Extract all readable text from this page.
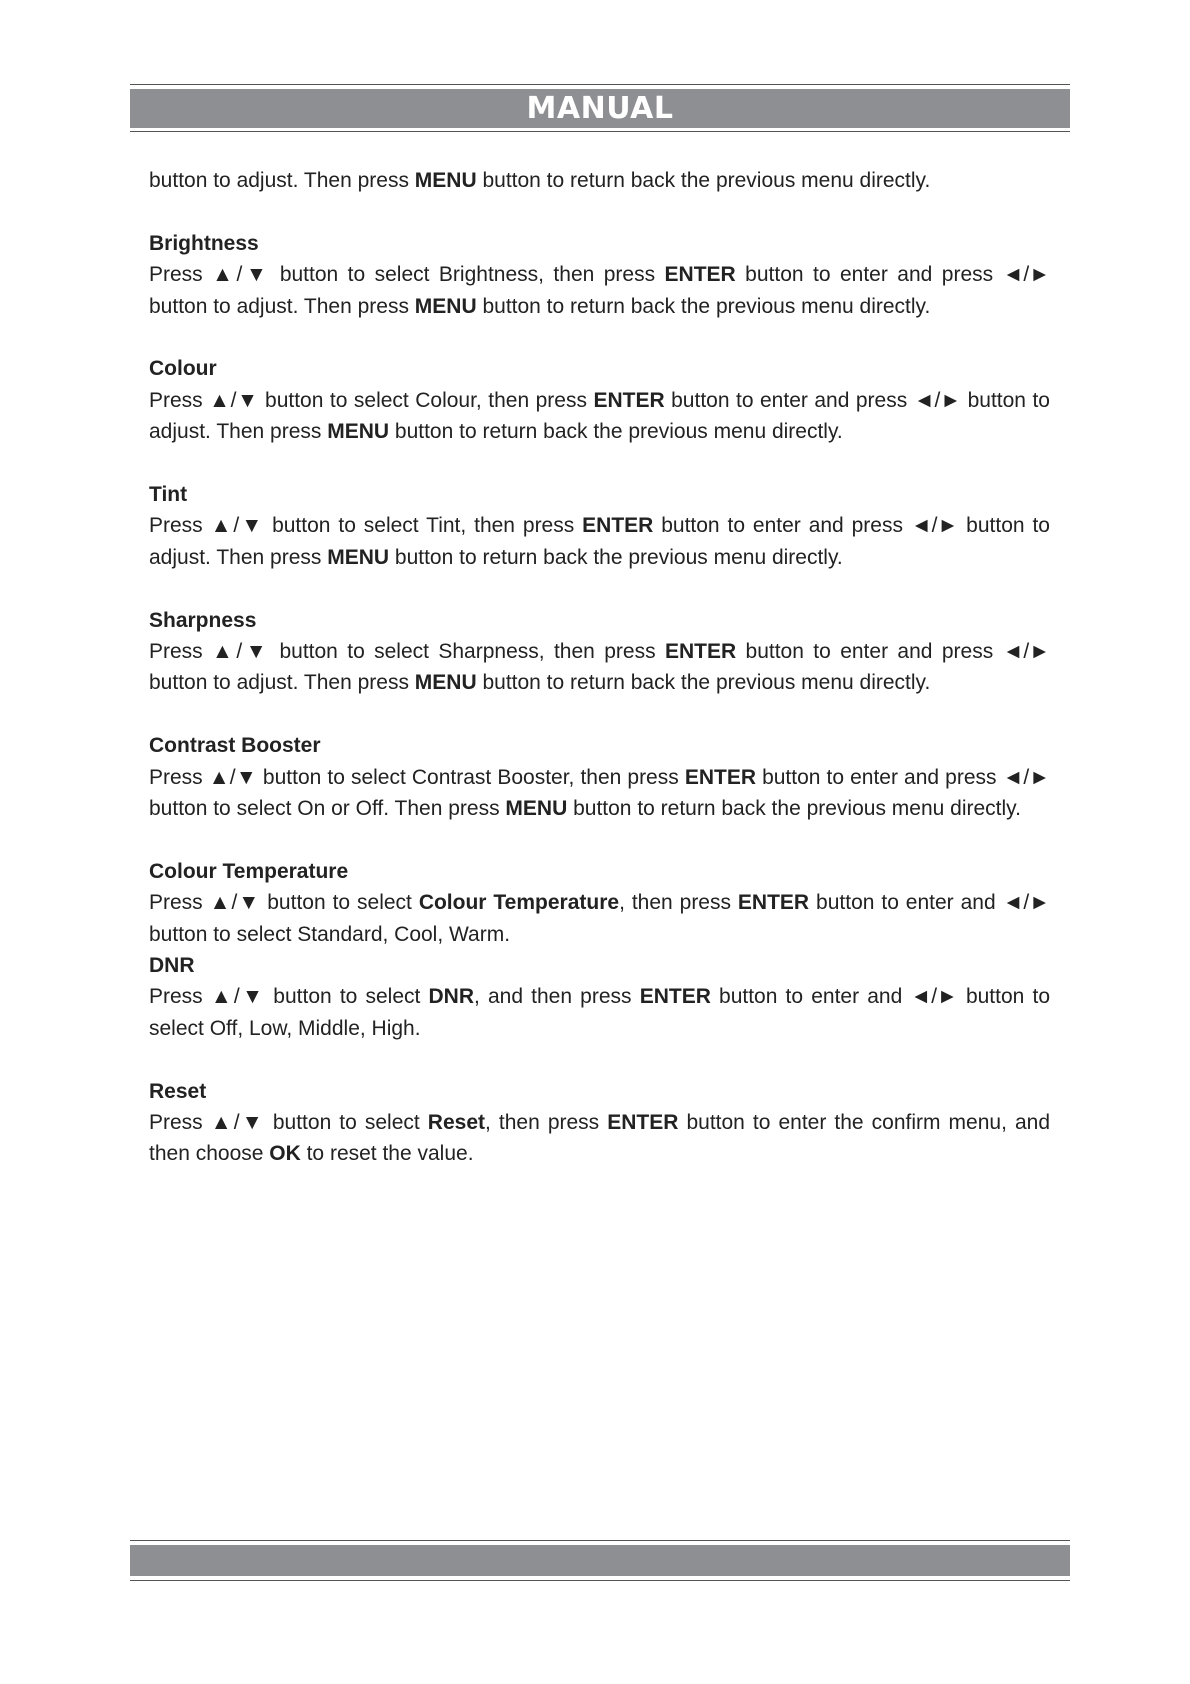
MANUAL

button to adjust. Then press MENU button to return back the previous menu directly.

Brightness

Press ▲/▼ button to select Brightness, then press ENTER button to enter and press ◄/► button to adjust. Then press MENU button to return back the previous menu directly.

Colour

Press ▲/▼ button to select Colour, then press ENTER button to enter and press ◄/► button to adjust. Then press MENU button to return back the previous menu directly.

Tint

Press ▲/▼ button to select Tint, then press ENTER button to enter and press ◄/► button to adjust. Then press MENU button to return back the previous menu directly.

Sharpness

Press ▲/▼ button to select Sharpness, then press ENTER button to enter and press ◄/► button to adjust. Then press MENU button to return back the previous menu directly.

Contrast Booster

Press ▲/▼ button to select Contrast Booster, then press ENTER button to enter and press ◄/► button to select On or Off. Then press MENU button to return back the previous menu directly.

Colour Temperature

Press ▲/▼ button to select Colour Temperature, then press ENTER button to enter and ◄/► button to select Standard, Cool, Warm.

DNR

Press ▲/▼ button to select DNR, and then press ENTER button to enter and ◄/► button to select Off, Low, Middle, High.

Reset

Press ▲/▼ button to select Reset, then press ENTER button to enter the confirm menu, and then choose OK to reset the value.
